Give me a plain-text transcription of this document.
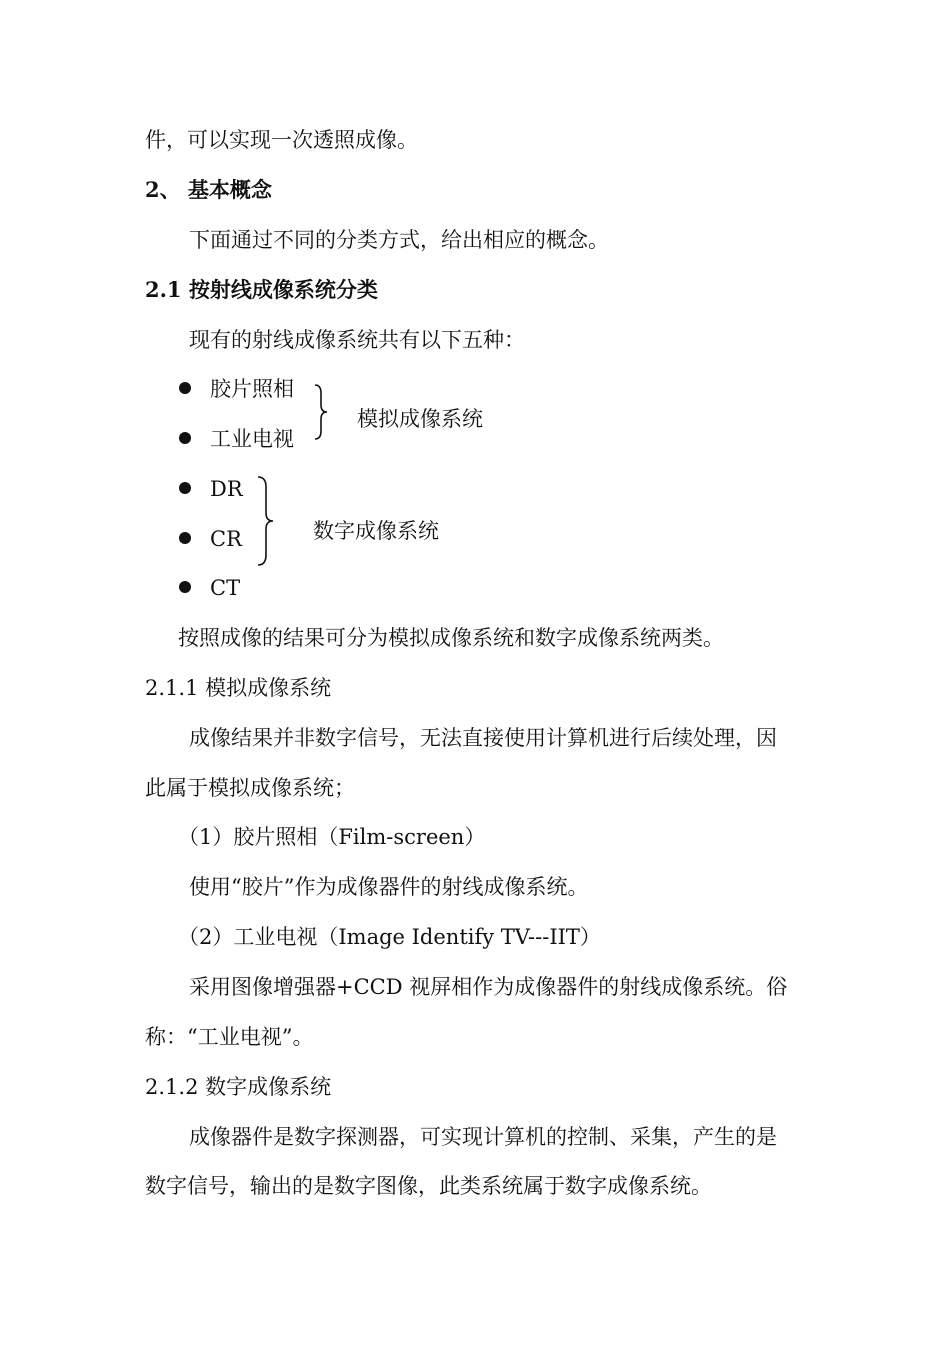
件，可以实现一次透照成像。
2、 基本概念
下面通过不同的分类方式，给出相应的概念。
2.1 按射线成像系统分类
现有的射线成像系统共有以下五种：
胶片照相
工业电视
DR
CR
CT
模拟成像系统
数字成像系统
按照成像的结果可分为模拟成像系统和数字成像系统两类。
2.1.1 模拟成像系统
成像结果并非数字信号，无法直接使用计算机进行后续处理，因
此属于模拟成像系统；
（1）胶片照相（Film-screen）
使用“胶片”作为成像器件的射线成像系统。
（2）工业电视（Image Identify TV---IIT）
采用图像增强器+CCD 视屏相作为成像器件的射线成像系统。俗
称：“工业电视”。
2.1.2 数字成像系统
成像器件是数字探测器，可实现计算机的控制、采集，产生的是
数字信号，输出的是数字图像，此类系统属于数字成像系统。
